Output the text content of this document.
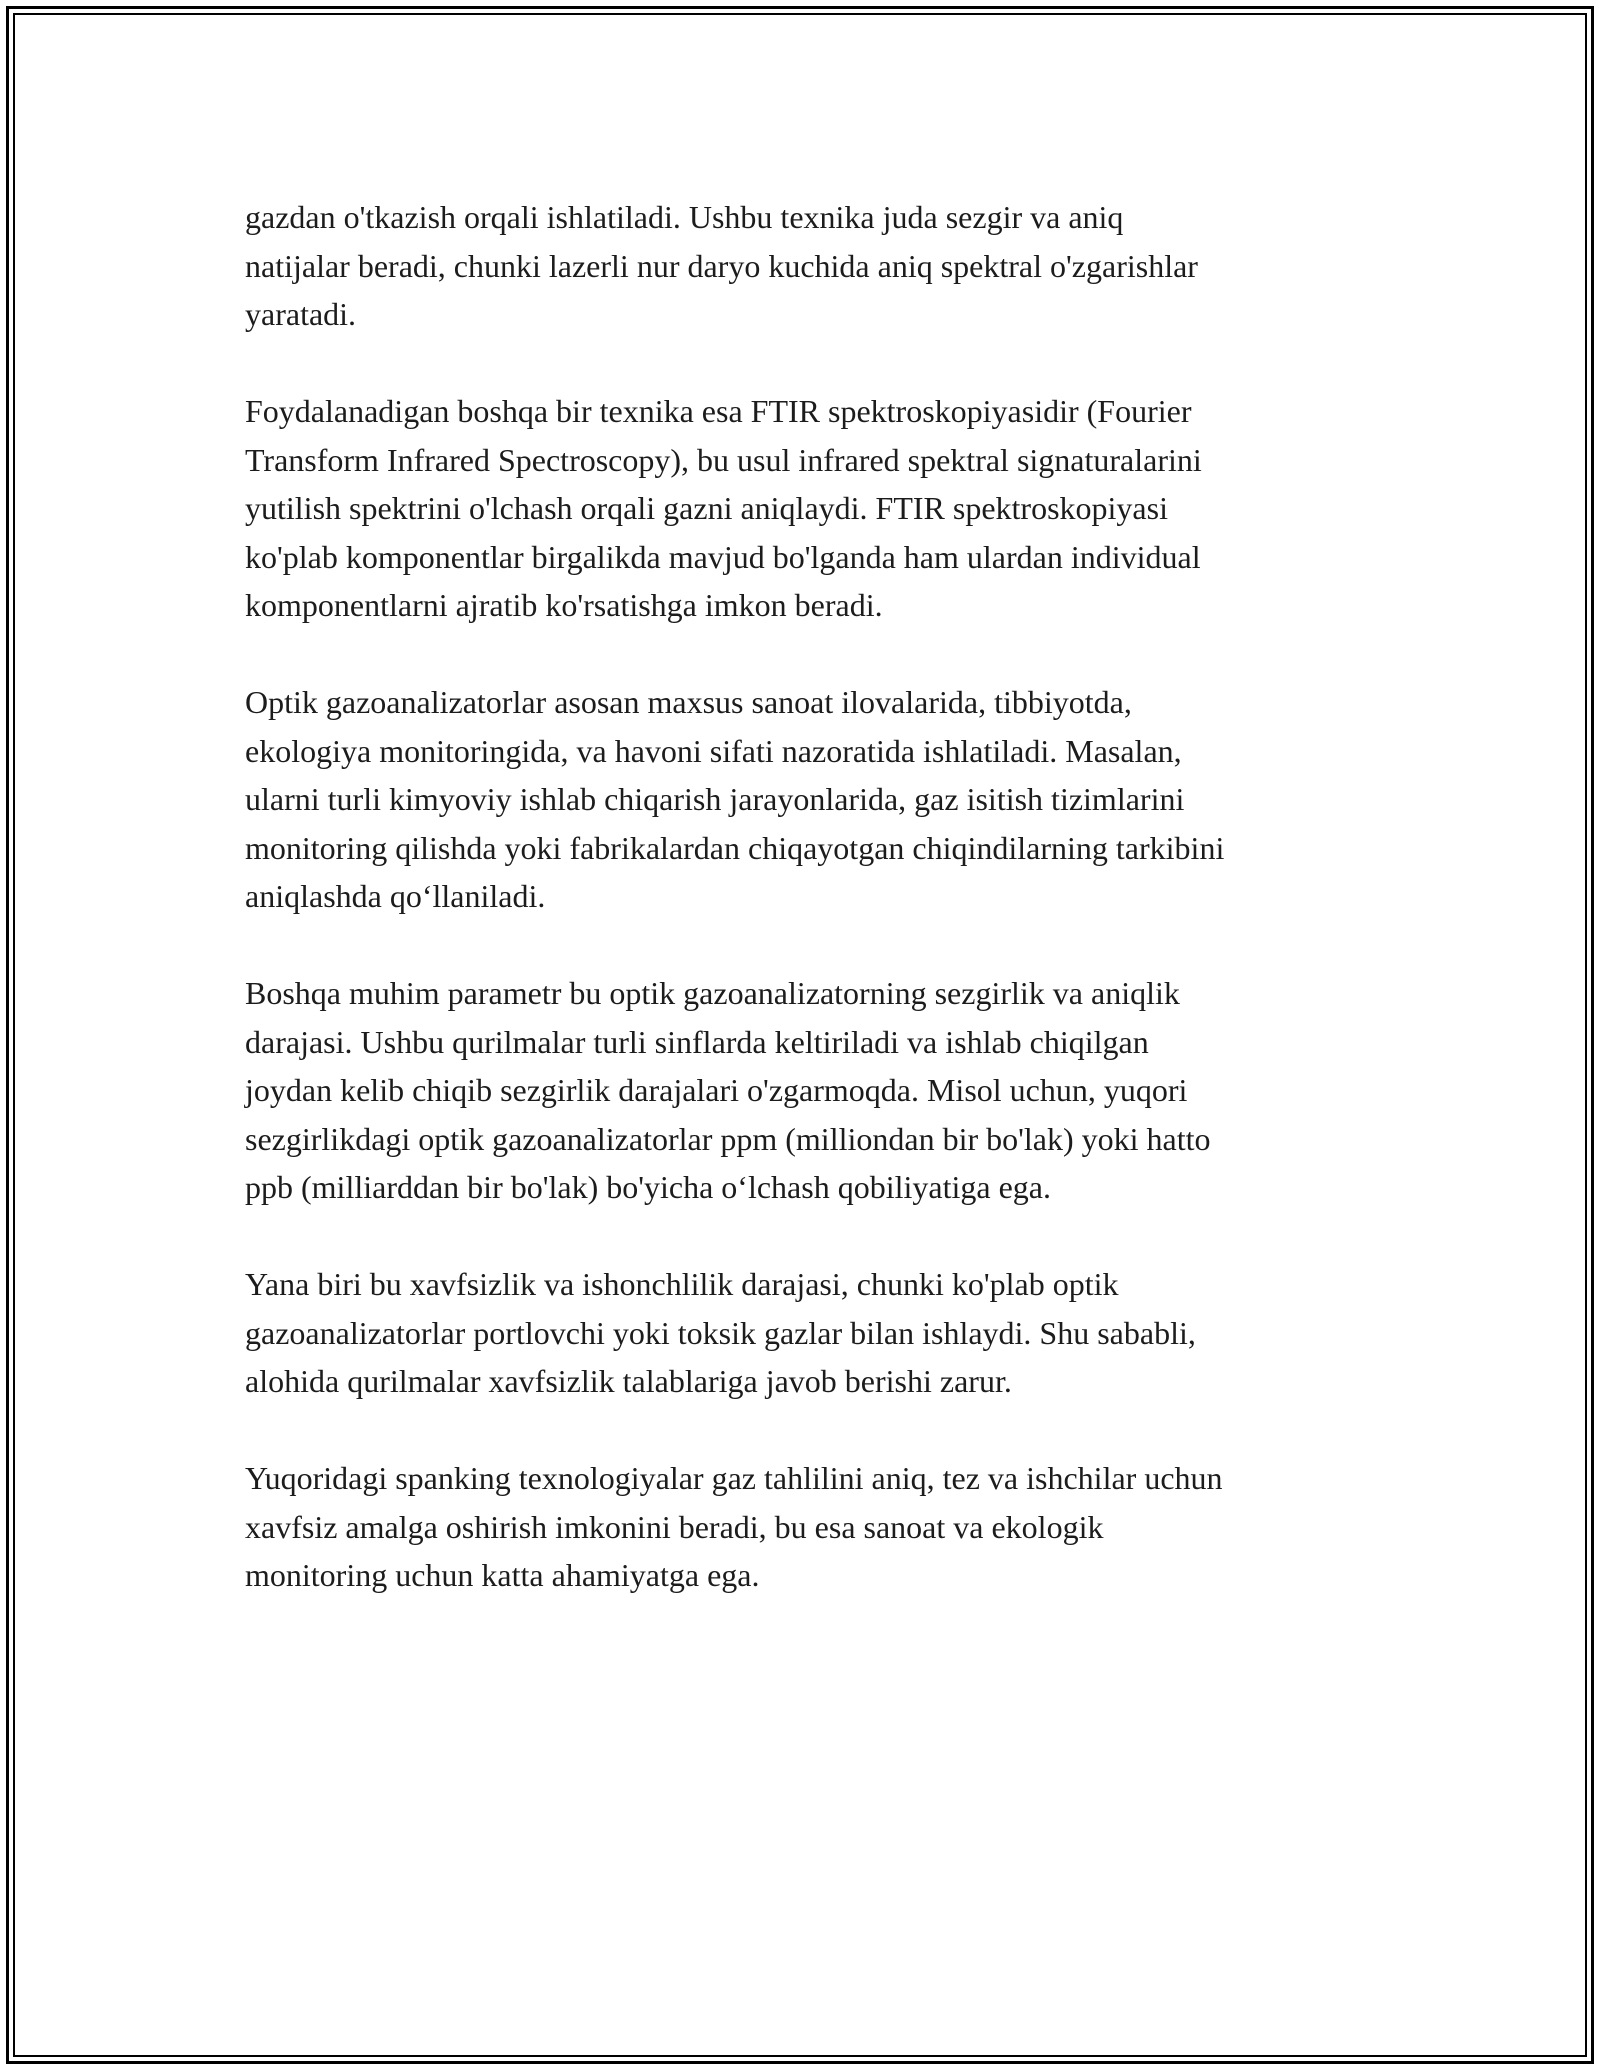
gazdan o'tkazish orqali ishlatiladi. Ushbu texnika juda sezgir va aniq
natijalar beradi, chunki lazerli nur daryo kuchida aniq spektral o'zgarishlar
yaratadi.

Foydalanadigan boshqa bir texnika esa FTIR spektroskopiyasidir (Fourier
Transform Infrared Spectroscopy), bu usul infrared spektral signaturalarini
yutilish spektrini o'lchash orqali gazni aniqlaydi. FTIR spektroskopiyasi
ko'plab komponentlar birgalikda mavjud bo'lganda ham ulardan individual
komponentlarni ajratib ko'rsatishga imkon beradi.

Optik gazoanalizatorlar asosan maxsus sanoat ilovalarida, tibbiyotda,
ekologiya monitoringida, va havoni sifati nazoratida ishlatiladi. Masalan,
ularni turli kimyoviy ishlab chiqarish jarayonlarida, gaz isitish tizimlarini
monitoring qilishda yoki fabrikalardan chiqayotgan chiqindilarning tarkibini
aniqlashda qo‘llaniladi.

Boshqa muhim parametr bu optik gazoanalizatorning sezgirlik va aniqlik
darajasi. Ushbu qurilmalar turli sinflarda keltiriladi va ishlab chiqilgan
joydan kelib chiqib sezgirlik darajalari o'zgarmoqda. Misol uchun, yuqori
sezgirlikdagi optik gazoanalizatorlar ppm (milliondan bir bo'lak) yoki hatto
ppb (milliarddan bir bo'lak) bo'yicha o‘lchash qobiliyatiga ega.

Yana biri bu xavfsizlik va ishonchlilik darajasi, chunki ko'plab optik
gazoanalizatorlar portlovchi yoki toksik gazlar bilan ishlaydi. Shu sababli,
alohida qurilmalar xavfsizlik talablariga javob berishi zarur.

Yuqoridagi spanking texnologiyalar gaz tahlilini aniq, tez va ishchilar uchun
xavfsiz amalga oshirish imkonini beradi, bu esa sanoat va ekologik
monitoring uchun katta ahamiyatga ega.
